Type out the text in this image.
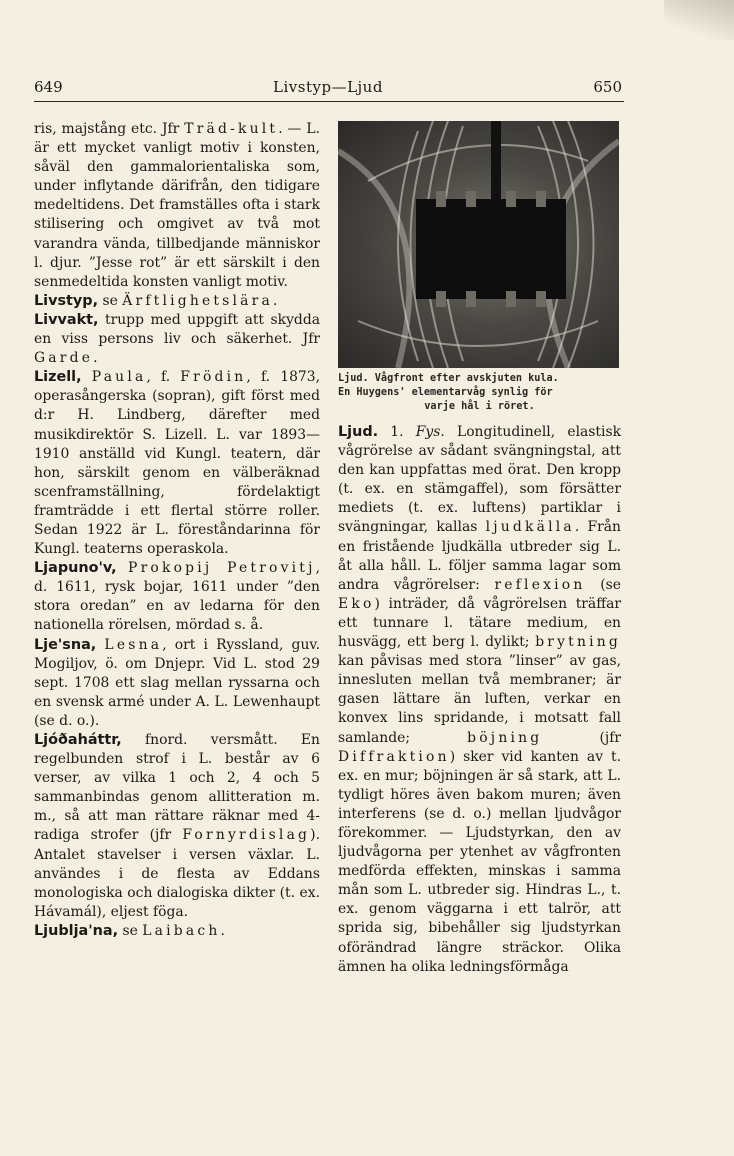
649	Livstyp—Ljud	650

ris, majstång etc. Jfr Träd-kult. — L. är ett mycket vanligt motiv i konsten, såväl den gammalorientaliska som, under inflytande därifrån, den tidigare medeltidens. Det framställes ofta i stark stilisering och omgivet av två mot varandra vända, tillbedjande människor l. djur. ”Jesse rot” är ett särskilt i den senmedeltida konsten vanligt motiv.
Livstyp, se Ärftlighetslära.
Livvakt, trupp med uppgift att skydda en viss persons liv och säkerhet. Jfr Garde.
Lizell, Paula, f. Frödin, f. 1873, operasångerska (sopran), gift först med d:r H. Lindberg, därefter med musikdirektör S. Lizell. L. var 1893—1910 anställd vid Kungl. teatern, där hon, särskilt genom en välberäknad scenframställning, fördelaktigt framträdde i ett flertal större roller. Sedan 1922 är L. föreståndarinna för Kungl. teaterns operaskola.
Ljapuno'v, Prokopij Petrovitj, d. 1611, rysk bojar, 1611 under ”den stora oredan” en av ledarna för den nationella rörelsen, mördad s. å.
Lje'sna, Lesna, ort i Ryssland, guv. Mogiljov, ö. om Dnjepr. Vid L. stod 29 sept. 1708 ett slag mellan ryssarna och en svensk armé under A. L. Lewenhaupt (se d. o.).
Ljóðaháttr, fnord. versmått. En regelbunden strof i L. består av 6 verser, av vilka 1 och 2, 4 och 5 sammanbindas genom allitteration m. m., så att man rättare räknar med 4-radiga strofer (jfr Fornyrdislag). Antalet stavelser i versen växlar. L. användes i de flesta av Eddans monologiska och dialogiska dikter (t. ex. Hávamál), eljest föga.
Ljublja'na, se Laibach.

Ljud. Vågfront efter avskjuten kula.
En Huygens' elementarvåg synlig för
varje hål i röret.

Ljud. 1. Fys. Longitudinell, elastisk vågrörelse av sådant svängningstal, att den kan uppfattas med örat. Den kropp (t. ex. en stämgaffel), som försätter mediets (t. ex. luftens) partiklar i svängningar, kallas ljudkälla. Från en fristående ljudkälla utbreder sig L. åt alla håll. L. följer samma lagar som andra vågrörelser: reflexion (se Eko) inträder, då vågrörelsen träffar ett tunnare l. tätare medium, en husvägg, ett berg l. dylikt; brytning kan påvisas med stora ”linser” av gas, innesluten mellan två membraner; är gasen lättare än luften, verkar en konvex lins spridande, i motsatt fall samlande; böjning (jfr Diffraktion) sker vid kanten av t. ex. en mur; böjningen är så stark, att L. tydligt höres även bakom muren; även interferens (se d. o.) mellan ljudvågor förekommer. — Ljudstyrkan, den av ljudvågorna per ytenhet av vågfronten medförda effekten, minskas i samma mån som L. utbreder sig. Hindras L., t. ex. genom väggarna i ett talrör, att sprida sig, bibehåller sig ljudstyrkan oförändrad längre sträckor. Olika ämnen ha olika ledningsförmåga
